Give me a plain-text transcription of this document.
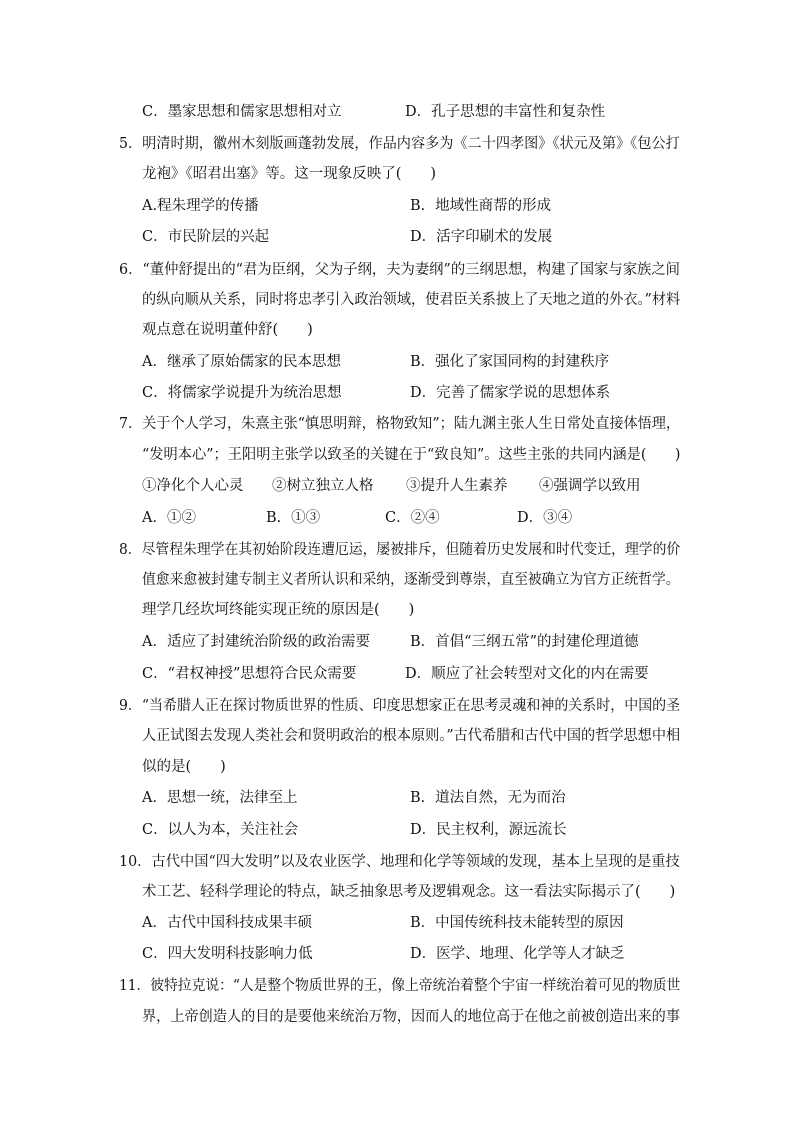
C．墨家思想和儒家思想相对立	D．孔子思想的丰富性和复杂性
5．明清时期，徽州木刻版画蓬勃发展，作品内容多为《二十四孝图》《状元及第》《包公打
龙袍》《昭君出塞》等。这一现象反映了(　　)
A.程朱理学的传播	B．地域性商帮的形成
C．市民阶层的兴起	D．活字印刷术的发展
6．“董仲舒提出的“君为臣纲，父为子纲，夫为妻纲”的三纲思想，构建了国家与家族之间
的纵向顺从关系，同时将忠孝引入政治领域，使君臣关系披上了天地之道的外衣。”材料
观点意在说明董仲舒(　　)
A．继承了原始儒家的民本思想	B．强化了家国同构的封建秩序
C．将儒家学说提升为统治思想	D．完善了儒家学说的思想体系
7．关于个人学习，朱熹主张“慎思明辩，格物致知”；陆九渊主张人生日常处直接体悟理，
“发明本心”；王阳明主张学以致圣的关键在于“致良知”。这些主张的共同内涵是(　　)
①净化个人心灵 ②树立独立人格 ③提升人生素养 ④强调学以致用
A．①②	B．①③	C．②④	D．③④
8．尽管程朱理学在其初始阶段连遭厄运，屡被排斥，但随着历史发展和时代变迁，理学的价
值愈来愈被封建专制主义者所认识和采纳，逐渐受到尊崇，直至被确立为官方正统哲学。
理学几经坎坷终能实现正统的原因是(　　)
A．适应了封建统治阶级的政治需要	B．首倡“三纲五常”的封建伦理道德
C．“君权神授”思想符合民众需要	D．顺应了社会转型对文化的内在需要
9．“当希腊人正在探讨物质世界的性质、印度思想家正在思考灵魂和神的关系时，中国的圣
人正试图去发现人类社会和贤明政治的根本原则。”古代希腊和古代中国的哲学思想中相
似的是(　　)
A．思想一统，法律至上	B．道法自然，无为而治
C．以人为本，关注社会	D．民主权利，源远流长
10．古代中国“四大发明”以及农业医学、地理和化学等领域的发现，基本上呈现的是重技
术工艺、轻科学理论的特点，缺乏抽象思考及逻辑观念。这一看法实际揭示了(　　)
A．古代中国科技成果丰硕	B．中国传统科技未能转型的原因
C．四大发明科技影响力低	D．医学、地理、化学等人才缺乏
11．彼特拉克说：“人是整个物质世界的王，像上帝统治着整个宇宙一样统治着可见的物质世
界，上帝创造人的目的是要他来统治万物，因而人的地位高于在他之前被创造出来的事
